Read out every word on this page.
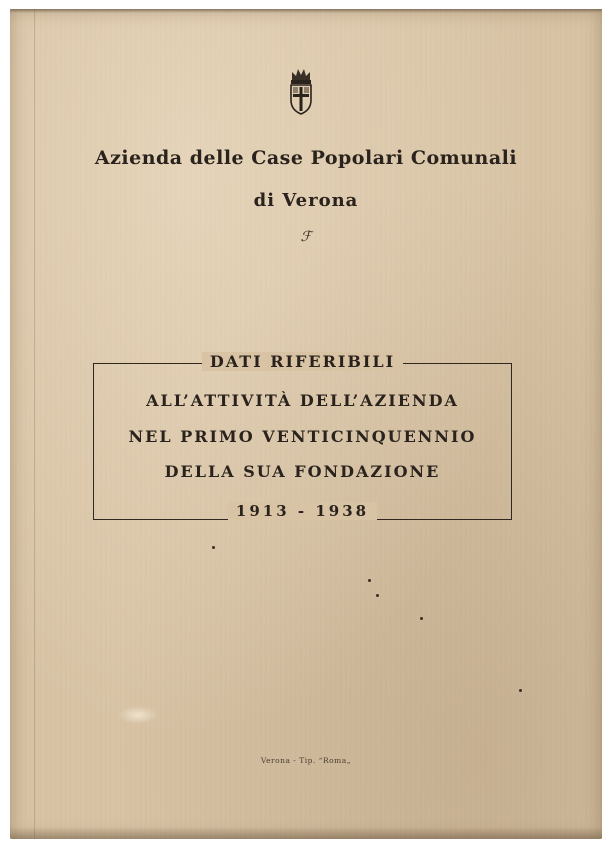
Azienda delle Case Popolari Comunali
di Verona
ℱ
DATI RIFERIBILI
ALL’ATTIVITÀ DELL’AZIENDA
NEL PRIMO VENTICINQUENNIO
DELLA SUA FONDAZIONE
1913 - 1938
Verona - Tip. “Roma„
